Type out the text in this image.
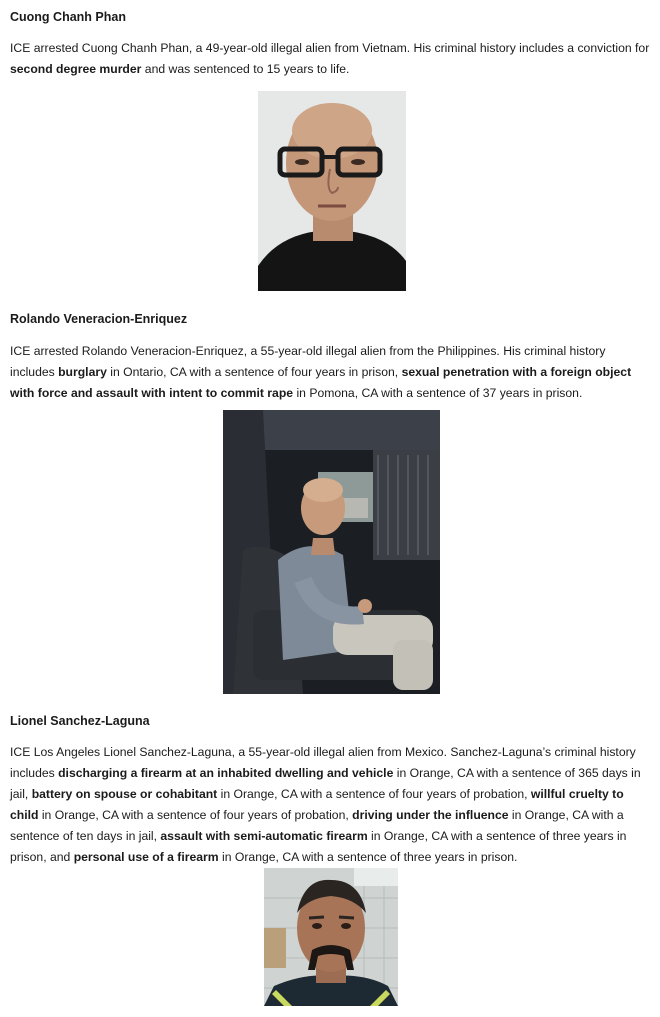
Cuong Chanh Phan

ICE arrested Cuong Chanh Phan, a 49-year-old illegal alien from Vietnam. His criminal history includes a conviction for second degree murder and was sentenced to 15 years to life.

Rolando Veneracion-Enriquez

ICE arrested Rolando Veneracion-Enriquez, a 55-year-old illegal alien from the Philippines. His criminal history includes burglary in Ontario, CA with a sentence of four years in prison, sexual penetration with a foreign object with force and assault with intent to commit rape in Pomona, CA with a sentence of 37 years in prison.

Lionel Sanchez-Laguna

ICE Los Angeles Lionel Sanchez-Laguna, a 55-year-old illegal alien from Mexico. Sanchez-Laguna’s criminal history includes discharging a firearm at an inhabited dwelling and vehicle in Orange, CA with a sentence of 365 days in jail, battery on spouse or cohabitant in Orange, CA with a sentence of four years of probation, willful cruelty to child in Orange, CA with a sentence of four years of probation, driving under the influence in Orange, CA with a sentence of ten days in jail, assault with semi-automatic firearm in Orange, CA with a sentence of three years in prison, and personal use of a firearm in Orange, CA with a sentence of three years in prison.
